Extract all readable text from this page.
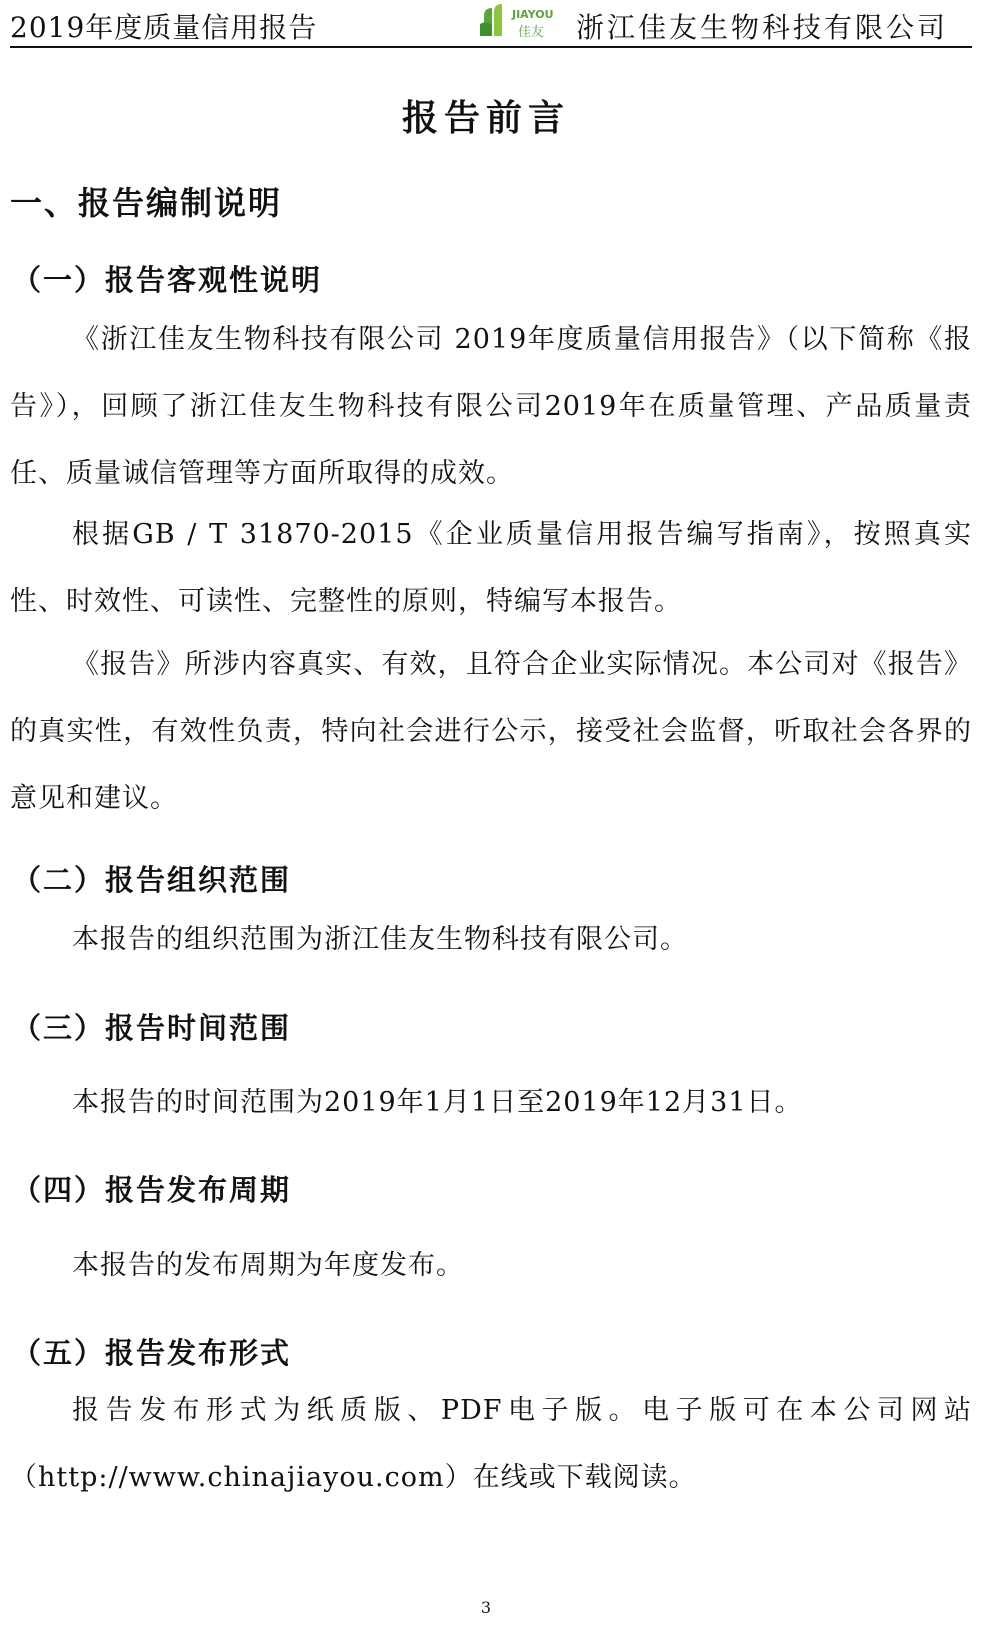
2019年度质量信用报告	JIAYOU
佳友 浙江佳友生物科技有限公司
报告前言
一、报告编制说明
（一）报告客观性说明
《浙江佳友生物科技有限公司 2019年度质量信用报告》（以下简称《报告》），回顾了浙江佳友生物科技有限公司2019年在质量管理、产品质量责任、质量诚信管理等方面所取得的成效。
根据GB / T 31870-2015《企业质量信用报告编写指南》，按照真实性、时效性、可读性、完整性的原则，特编写本报告。
《报告》所涉内容真实、有效，且符合企业实际情况。本公司对《报告》的真实性，有效性负责，特向社会进行公示，接受社会监督，听取社会各界的意见和建议。
（二）报告组织范围
本报告的组织范围为浙江佳友生物科技有限公司。
（三）报告时间范围
本报告的时间范围为2019年1月1日至2019年12月31日。
（四）报告发布周期
本报告的发布周期为年度发布。
（五）报告发布形式
报告发布形式为纸质版、PDF电子版。电子版可在本公司网站（http://www.chinajiayou.com）在线或下载阅读。
3
